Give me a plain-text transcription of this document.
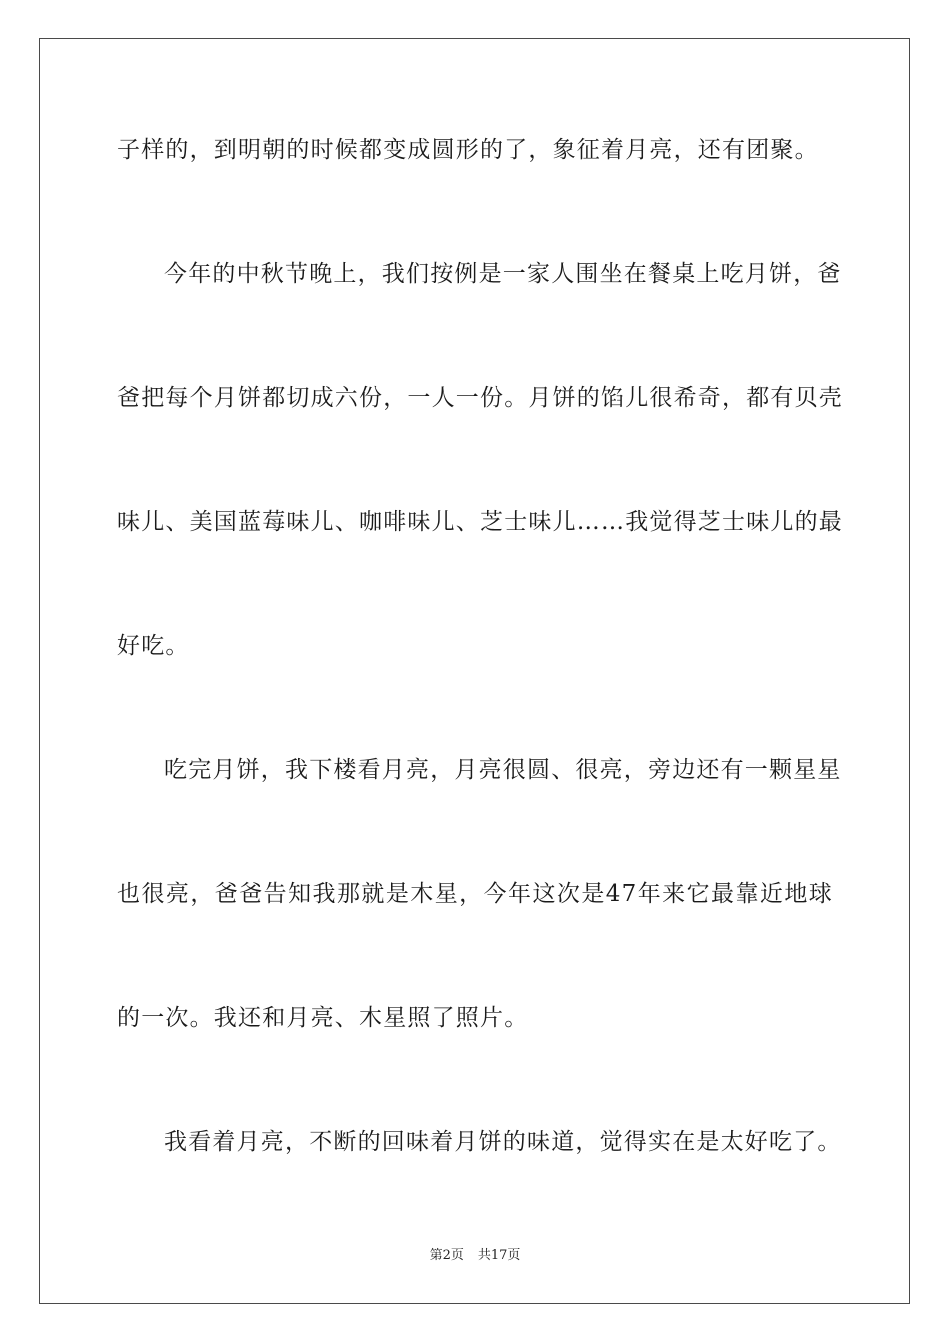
子样的，到明朝的时候都变成圆形的了，象征着月亮，还有团聚。
今年的中秋节晚上，我们按例是一家人围坐在餐桌上吃月饼，爸
爸把每个月饼都切成六份，一人一份。月饼的馅儿很希奇，都有贝壳
味儿、美国蓝莓味儿、咖啡味儿、芝士味儿……我觉得芝士味儿的最
好吃。
吃完月饼，我下楼看月亮，月亮很圆、很亮，旁边还有一颗星星
也很亮，爸爸告知我那就是木星，今年这次是47年来它最靠近地球
的一次。我还和月亮、木星照了照片。
我看着月亮，不断的回味着月饼的味道，觉得实在是太好吃了。
第2页 共17页
